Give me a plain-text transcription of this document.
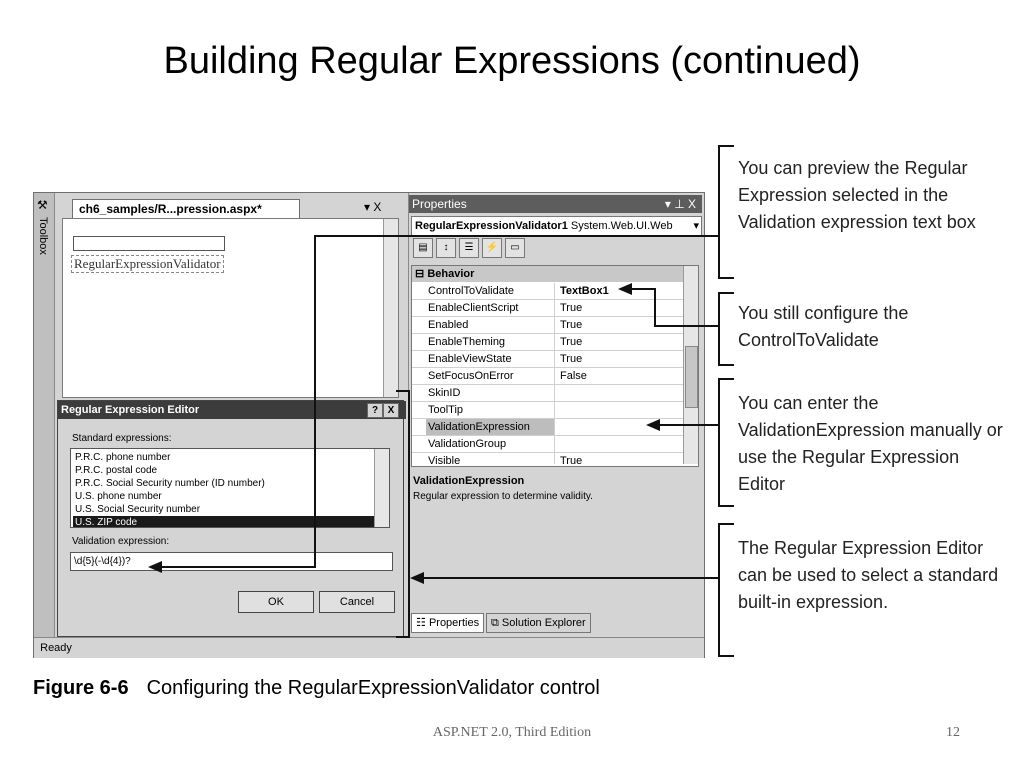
Building Regular Expressions (continued)
⚒
Toolbox
ch6_samples/R...pression.aspx*	▾ X
RegularExpressionValidator
Properties	▾ ⊥ X
RegularExpressionValidator1 System.Web.UI.Web ▾
▤ ↕ ☰ ⚡ ▭
⊟ Behavior
ControlToValidate	TextBox1
EnableClientScript	True
Enabled	True
EnableTheming	True
EnableViewState	True
SetFocusOnError	False
SkinID
ToolTip
ValidationExpression
ValidationGroup
Visible	True
ValidationExpression
Regular expression to determine validity.
☷ Properties	⧉ Solution Explorer
Ready
Regular Expression Editor	? X
Standard expressions:
P.R.C. phone number
P.R.C. postal code
P.R.C. Social Security number (ID number)
U.S. phone number
U.S. Social Security number
U.S. ZIP code
Validation expression:
\d{5}(-\d{4})?
OK	Cancel
You can preview the Regular Expression selected in the Validation expression text box
You still configure the ControlToValidate
You can enter the ValidationExpression manually or use the Regular Expression Editor
The Regular Expression Editor can be used to select a standard built-in expression.
Figure 6-6 Configuring the RegularExpressionValidator control
ASP.NET 2.0, Third Edition	12
